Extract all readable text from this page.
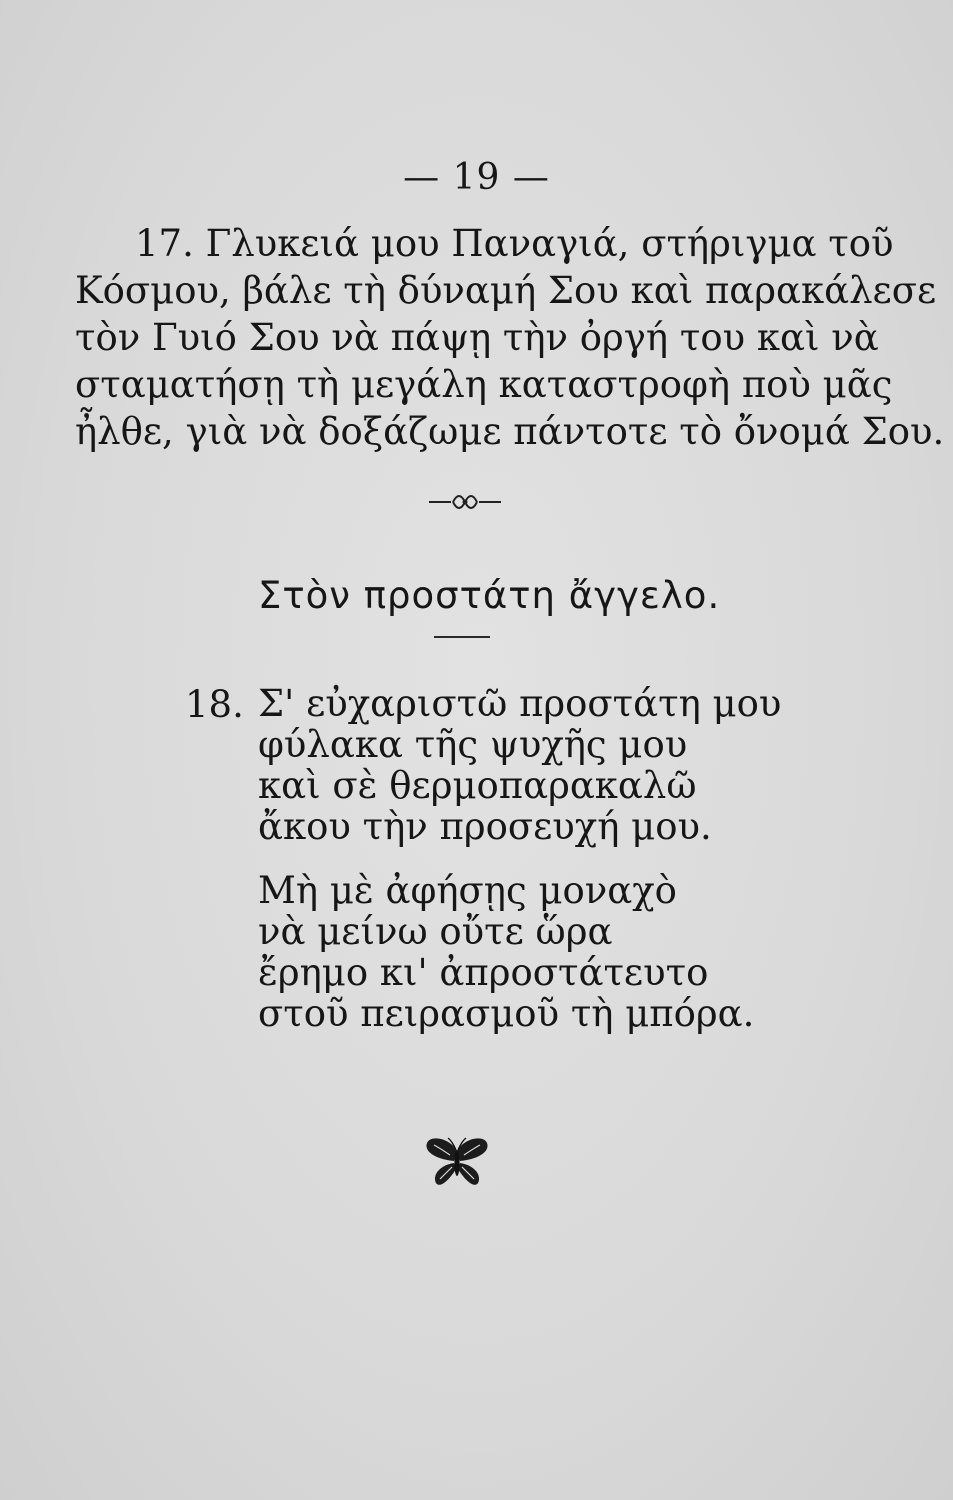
— 19 —
17. Γλυκειά μου Παναγιά, στήριγμα τοῦ
Κόσμου, βάλε τὴ δύναμή Σου καὶ παρακάλεσε
τὸν Γυιό Σου νὰ πάψῃ τὴν ὀργή του καὶ νὰ
σταματήσῃ τὴ μεγάλη καταστροφὴ ποὺ μᾶς
ἦλθε, γιὰ νὰ δοξάζωμε πάντοτε τὸ ὄνομά Σου.
Στὸν προστάτη ἄγγελο.
18. Σ' εὐχαριστῶ προστάτη μου
φύλακα τῆς ψυχῆς μου
καὶ σὲ θερμοπαρακαλῶ
ἄκου τὴν προσευχή μου.
Μὴ μὲ ἀφήσῃς μοναχὸ
νὰ μείνω οὔτε ὥρα
ἔρημο κι' ἀπροστάτευτο
στοῦ πειρασμοῦ τὴ μπόρα.
